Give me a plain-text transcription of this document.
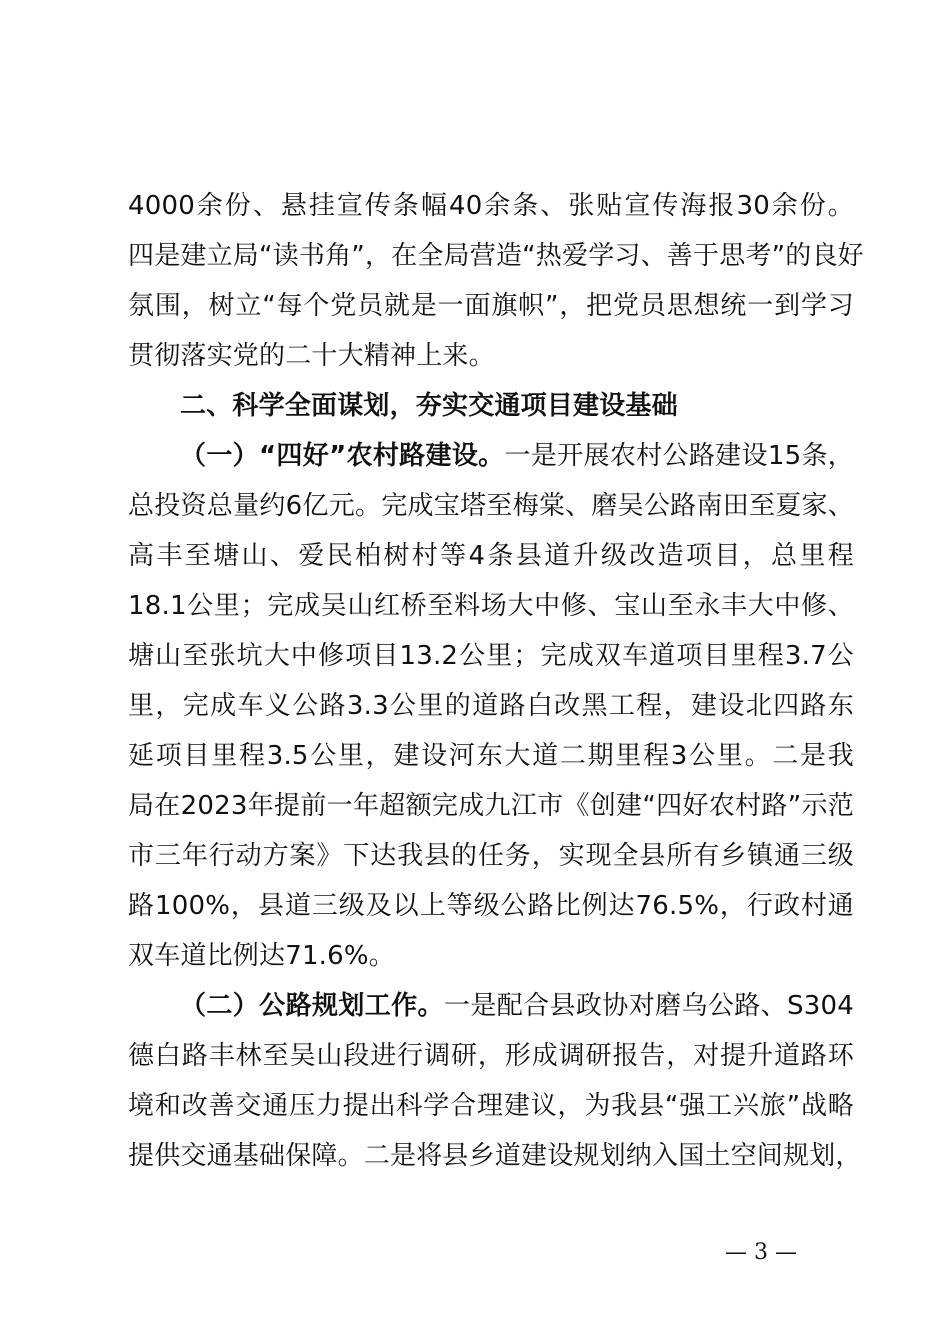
4000余份、悬挂宣传条幅40余条、张贴宣传海报30余份。
四是建立局“读书角”，在全局营造“热爱学习、善于思考”的良好
氛围，树立“每个党员就是一面旗帜”，把党员思想统一到学习
贯彻落实党的二十大精神上来。
二、科学全面谋划，夯实交通项目建设基础
（一）“四好”农村路建设。一是开展农村公路建设15条，
总投资总量约6亿元。完成宝塔至梅棠、磨吴公路南田至夏家、
高丰至塘山、爱民柏树村等4条县道升级改造项目，总里程
18.1公里；完成吴山红桥至料场大中修、宝山至永丰大中修、
塘山至张坑大中修项目13.2公里；完成双车道项目里程3.7公
里，完成车义公路3.3公里的道路白改黑工程，建设北四路东
延项目里程3.5公里，建设河东大道二期里程3公里。二是我
局在2023年提前一年超额完成九江市《创建“四好农村路”示范
市三年行动方案》下达我县的任务，实现全县所有乡镇通三级
路100%，县道三级及以上等级公路比例达76.5%，行政村通
双车道比例达71.6%。
（二）公路规划工作。一是配合县政协对磨乌公路、S304
德白路丰林至吴山段进行调研，形成调研报告，对提升道路环
境和改善交通压力提出科学合理建议，为我县“强工兴旅”战略
提供交通基础保障。二是将县乡道建设规划纳入国土空间规划，
— 3 —
